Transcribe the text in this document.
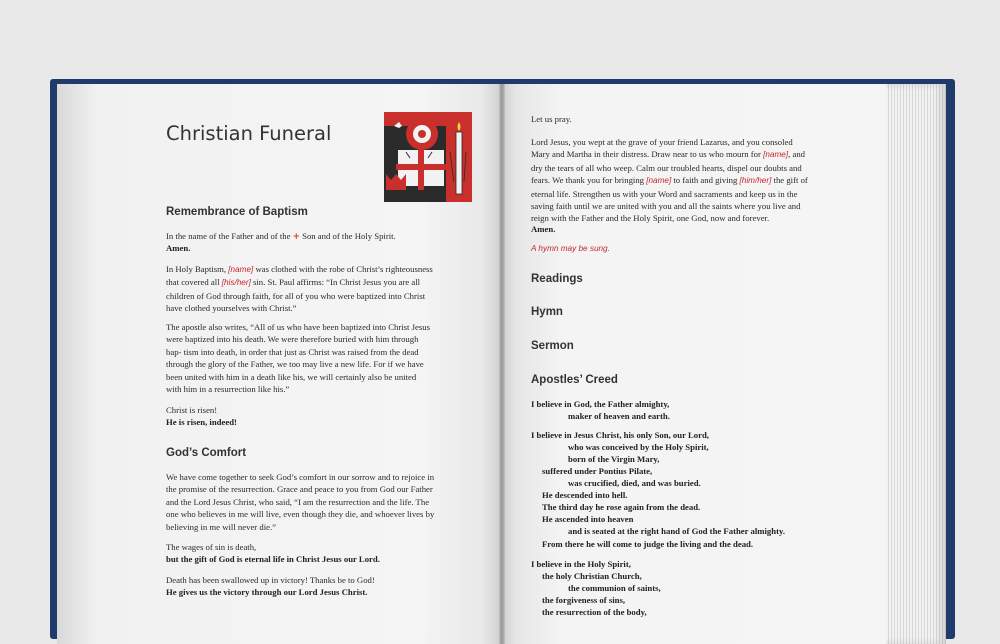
Christian Funeral
Remembrance of Baptism

In the name of the Father and of the + Son and of the Holy Spirit.

Amen.

In Holy Baptism, [name] was clothed with the robe of Christ’s righteousness
that covered all [his/her] sin. St. Paul affirms: “In Christ Jesus you are all
children of God through faith, for all of you who were baptized into Christ
have clothed yourselves with Christ.”

The apostle also writes, “All of us who have been baptized into Christ Jesus
were baptized into his death. We were therefore buried with him through
bap- tism into death, in order that just as Christ was raised from the dead
through the glory of the Father, we too may live a new life. For if we have
been united with him in a death like his, we will certainly also be united
with him in a resurrection like his.”

Christ is risen!

He is risen, indeed!

God’s Comfort

We have come together to seek God’s comfort in our sorrow and to rejoice in
the promise of the resurrection. Grace and peace to you from God our Father
and the Lord Jesus Christ, who said, “I am the resurrection and the life. The
one who believes in me will live, even though they die, and whoever lives by
believing in me will never die.”

The wages of sin is death,

but the gift of God is eternal life in Christ Jesus our Lord.

Death has been swallowed up in victory! Thanks be to God!

He gives us the victory through our Lord Jesus Christ.

Let us pray.

Lord Jesus, you wept at the grave of your friend Lazarus, and you consoled
Mary and Martha in their distress. Draw near to us who mourn for [name], and
dry the tears of all who weep. Calm our troubled hearts, dispel our doubts and
fears. We thank you for bringing [name] to faith and giving [him/her] the gift of
eternal life. Strengthen us with your Word and sacraments and keep us in the
saving faith until we are united with you and all the saints where you live and
reign with the Father and the Holy Spirit, one God, now and forever.

Amen.

A hymn may be sung.

Readings
Hymn
Sermon
Apostles’ Creed

I believe in God, the Father almighty,

maker of heaven and earth.

I believe in Jesus Christ, his only Son, our Lord,

who was conceived by the Holy Spirit,

born of the Virgin Mary,

suffered under Pontius Pilate,

was crucified, died, and was buried.

He descended into hell.

The third day he rose again from the dead.

He ascended into heaven

and is seated at the right hand of God the Father almighty.

From there he will come to judge the living and the dead.

I believe in the Holy Spirit,

the holy Christian Church,

the communion of saints,

the forgiveness of sins,

the resurrection of the body,
